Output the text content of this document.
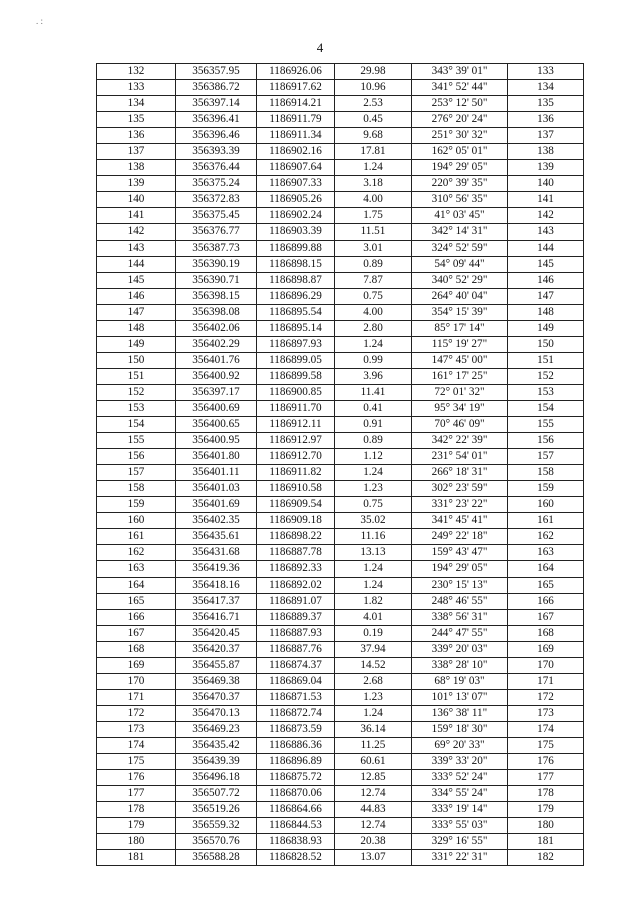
. :
4
132	356357.95	1186926.06	29.98	343° 39' 01"	133
133	356386.72	1186917.62	10.96	341° 52' 44"	134
134	356397.14	1186914.21	2.53	253° 12' 50"	135
135	356396.41	1186911.79	0.45	276° 20' 24"	136
136	356396.46	1186911.34	9.68	251° 30' 32"	137
137	356393.39	1186902.16	17.81	162° 05' 01"	138
138	356376.44	1186907.64	1.24	194° 29' 05"	139
139	356375.24	1186907.33	3.18	220° 39' 35"	140
140	356372.83	1186905.26	4.00	310° 56' 35"	141
141	356375.45	1186902.24	1.75	41° 03' 45"	142
142	356376.77	1186903.39	11.51	342° 14' 31"	143
143	356387.73	1186899.88	3.01	324° 52' 59"	144
144	356390.19	1186898.15	0.89	54° 09' 44"	145
145	356390.71	1186898.87	7.87	340° 52' 29"	146
146	356398.15	1186896.29	0.75	264° 40' 04"	147
147	356398.08	1186895.54	4.00	354° 15' 39"	148
148	356402.06	1186895.14	2.80	85° 17' 14"	149
149	356402.29	1186897.93	1.24	115° 19' 27"	150
150	356401.76	1186899.05	0.99	147° 45' 00"	151
151	356400.92	1186899.58	3.96	161° 17' 25"	152
152	356397.17	1186900.85	11.41	72° 01' 32"	153
153	356400.69	1186911.70	0.41	95° 34' 19"	154
154	356400.65	1186912.11	0.91	70° 46' 09"	155
155	356400.95	1186912.97	0.89	342° 22' 39"	156
156	356401.80	1186912.70	1.12	231° 54' 01"	157
157	356401.11	1186911.82	1.24	266° 18' 31"	158
158	356401.03	1186910.58	1.23	302° 23' 59"	159
159	356401.69	1186909.54	0.75	331° 23' 22"	160
160	356402.35	1186909.18	35.02	341° 45' 41"	161
161	356435.61	1186898.22	11.16	249° 22' 18"	162
162	356431.68	1186887.78	13.13	159° 43' 47"	163
163	356419.36	1186892.33	1.24	194° 29' 05"	164
164	356418.16	1186892.02	1.24	230° 15' 13"	165
165	356417.37	1186891.07	1.82	248° 46' 55"	166
166	356416.71	1186889.37	4.01	338° 56' 31"	167
167	356420.45	1186887.93	0.19	244° 47' 55"	168
168	356420.37	1186887.76	37.94	339° 20' 03"	169
169	356455.87	1186874.37	14.52	338° 28' 10"	170
170	356469.38	1186869.04	2.68	68° 19' 03"	171
171	356470.37	1186871.53	1.23	101° 13' 07"	172
172	356470.13	1186872.74	1.24	136° 38' 11"	173
173	356469.23	1186873.59	36.14	159° 18' 30"	174
174	356435.42	1186886.36	11.25	69° 20' 33"	175
175	356439.39	1186896.89	60.61	339° 33' 20"	176
176	356496.18	1186875.72	12.85	333° 52' 24"	177
177	356507.72	1186870.06	12.74	334° 55' 24"	178
178	356519.26	1186864.66	44.83	333° 19' 14"	179
179	356559.32	1186844.53	12.74	333° 55' 03"	180
180	356570.76	1186838.93	20.38	329° 16' 55"	181
181	356588.28	1186828.52	13.07	331° 22' 31"	182
